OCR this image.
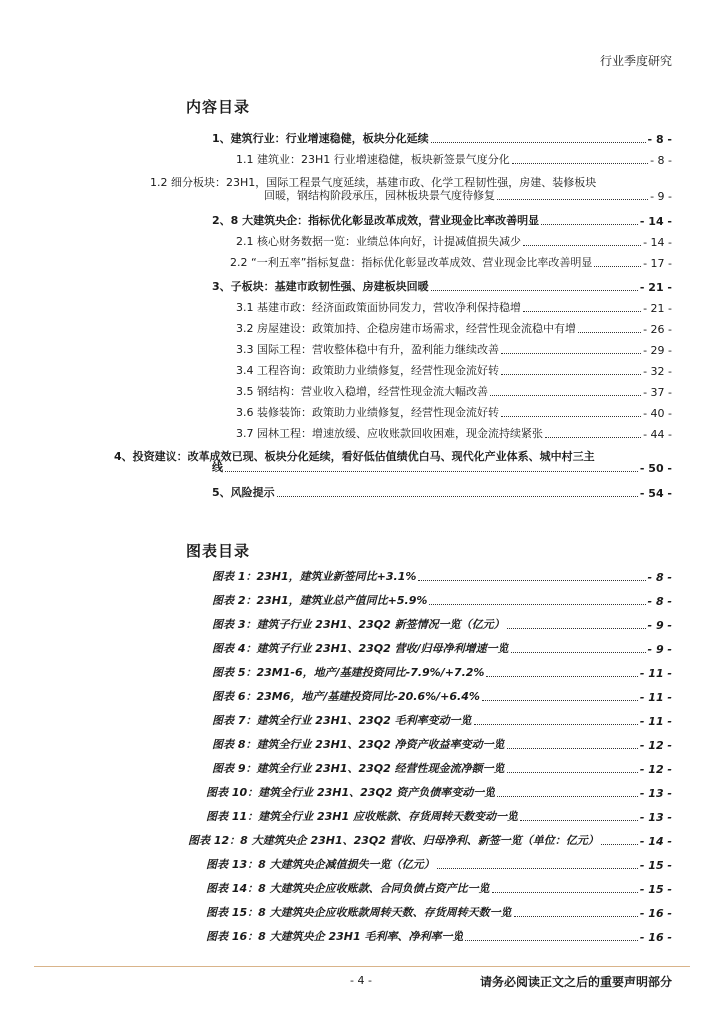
行业季度研究
内容目录
1、建筑行业：行业增速稳健，板块分化延续	- 8 -
1.1 建筑业：23H1 行业增速稳健，板块新签景气度分化	- 8 -
1.2 细分板块：23H1，国际工程景气度延续，基建市政、化学工程韧性强，房建、装修板块
回暖，钢结构阶段承压，园林板块景气度待修复	- 9 -
2、8 大建筑央企：指标优化彰显改革成效，营业现金比率改善明显	- 14 -
2.1 核心财务数据一览：业绩总体向好，计提减值损失减少	- 14 -
2.2 “一利五率”指标复盘：指标优化彰显改革成效、营业现金比率改善明显	- 17 -
3、子板块：基建市政韧性强、房建板块回暖	- 21 -
3.1 基建市政：经济面政策面协同发力，营收净利保持稳增	- 21 -
3.2 房屋建设：政策加持、企稳房建市场需求，经营性现金流稳中有增	- 26 -
3.3 国际工程：营收整体稳中有升，盈利能力继续改善	- 29 -
3.4 工程咨询：政策助力业绩修复，经营性现金流好转	- 32 -
3.5 钢结构：营业收入稳增，经营性现金流大幅改善	- 37 -
3.6 装修装饰：政策助力业绩修复，经营性现金流好转	- 40 -
3.7 园林工程：增速放缓、应收账款回收困难，现金流持续紧张	- 44 -
4、投资建议：改革成效已现、板块分化延续，看好低估值绩优白马、现代化产业体系、城中村三主
线	- 50 -
5、风险提示	- 54 -
图表目录
图表 1：23H1，建筑业新签同比+3.1%	- 8 -
图表 2：23H1，建筑业总产值同比+5.9%	- 8 -
图表 3：建筑子行业 23H1、23Q2 新签情况一览（亿元）	- 9 -
图表 4：建筑子行业 23H1、23Q2 营收/归母净利增速一览	- 9 -
图表 5：23M1-6，地产/基建投资同比-7.9%/+7.2%	- 11 -
图表 6：23M6，地产/基建投资同比-20.6%/+6.4%	- 11 -
图表 7：建筑全行业 23H1、23Q2 毛利率变动一览	- 11 -
图表 8：建筑全行业 23H1、23Q2 净资产收益率变动一览	- 12 -
图表 9：建筑全行业 23H1、23Q2 经营性现金流净额一览	- 12 -
图表 10：建筑全行业 23H1、23Q2 资产负债率变动一览	- 13 -
图表 11：建筑全行业 23H1 应收账款、存货周转天数变动一览	- 13 -
图表 12：8 大建筑央企 23H1、23Q2 营收、归母净利、新签一览（单位：亿元）	- 14 -
图表 13：8 大建筑央企减值损失一览（亿元）	- 15 -
图表 14：8 大建筑央企应收账款、合同负债占资产比一览	- 15 -
图表 15：8 大建筑央企应收账款周转天数、存货周转天数一览	- 16 -
图表 16：8 大建筑央企 23H1 毛利率、净利率一览	- 16 -
- 4 -	请务必阅读正文之后的重要声明部分
